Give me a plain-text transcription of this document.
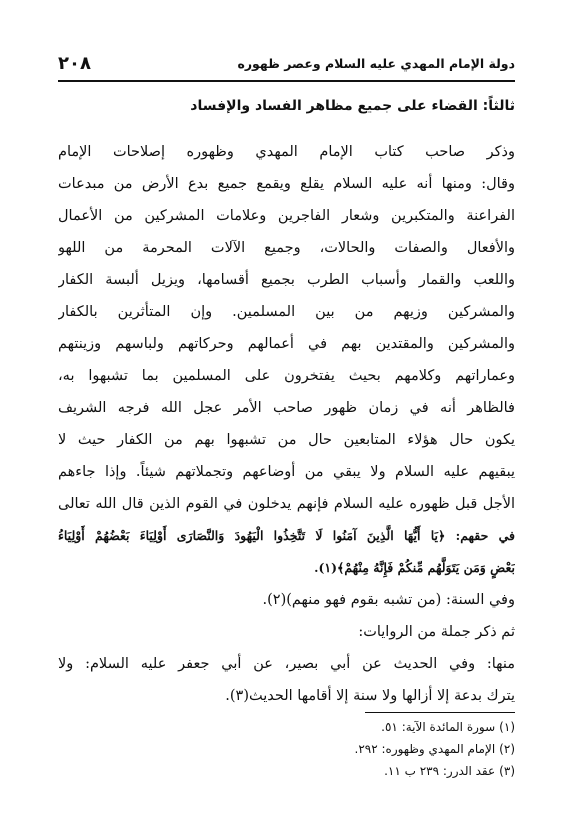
دولة الإمام المهدي عليه السلام وعصر ظهوره
٢٠٨
ثالثاً: القضاء على جميع مظاهر الفساد والإفساد
وذكر صاحب كتاب الإمام المهدي وظهوره إصلاحات الإمام
وقال: ومنها أنه عليه السلام يقلع ويقمع جميع بدع الأرض من مبدعات
الفراعنة والمتكبرين وشعار الفاجرين وعلامات المشركين من الأعمال
والأفعال والصفات والحالات، وجميع الآلات المحرمة من اللهو
واللعب والقمار وأسباب الطرب بجميع أقسامها، ويزيل ألبسة الكفار
والمشركين وزيهم من بين المسلمين. وإن المتأثرين بالكفار
والمشركين والمقتدين بهم في أعمالهم وحركاتهم ولباسهم وزينتهم
وعماراتهم وكلامهم بحيث يفتخرون على المسلمين بما تشبهوا به،
فالظاهر أنه في زمان ظهور صاحب الأمر عجل الله فرجه الشريف
يكون حال هؤلاء المتابعين حال من تشبهوا بهم من الكفار حيث لا
يبقيهم عليه السلام ولا يبقي من أوضاعهم وتجملاتهم شيئاً. وإذا جاءهم
الأجل قبل ظهوره عليه السلام فإنهم يدخلون في القوم الذين قال الله تعالى
في حقهم: ﴿يَا أَيُّهَا الَّذِينَ آمَنُوا لَا تَتَّخِذُوا الْيَهُودَ وَالنَّصَارَى أَوْلِيَاءَ بَعْضُهُمْ أَوْلِيَاءُ
بَعْضٍ وَمَن يَتَوَلَّهُم مِّنكُمْ فَإِنَّهُ مِنْهُمْ﴾(١).
وفي السنة: (من تشبه بقوم فهو منهم)(٢).
ثم ذكر جملة من الروايات:
منها: وفي الحديث عن أبي بصير، عن أبي جعفر عليه السلام: ولا
يترك بدعة إلا أزالها ولا سنة إلا أقامها الحديث(٣).
(١)سورة المائدة الآية: ٥١.
(٢)الإمام المهدي وظهوره: ٢٩٢.
(٣)عقد الدرر: ٢٣٩ ب ١١.
